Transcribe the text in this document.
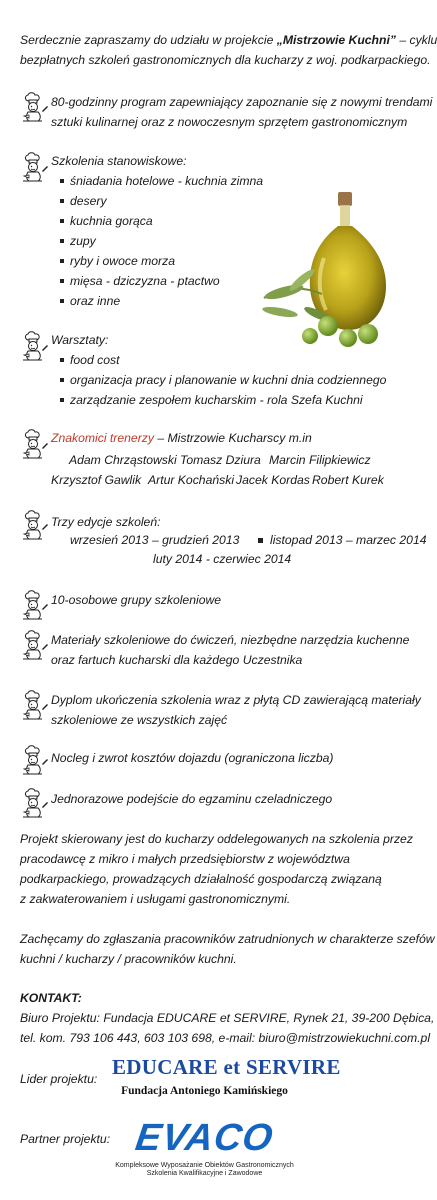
Serdecznie zapraszamy do udziału w projekcie „Mistrzowie Kuchni” – cyklu

bezpłatnych szkoleń gastronomicznych dla kucharzy z woj. podkarpackiego.

80-godzinny program zapewniający zapoznanie się z nowymi trendami

sztuki kulinarnej oraz z nowoczesnym sprzętem gastronomicznym

Szkolenia stanowiskowe:

śniadania hotelowe - kuchnia zimna
desery
kuchnia gorąca
zupy
ryby i owoce morza
mięsa - dziczyzna - ptactwo
oraz inne

Warsztaty:

food cost
organizacja pracy i planowanie w kuchni dnia codziennego
zarządzanie zespołem kucharskim - rola Szefa Kuchni

Znakomici trenerzy – Mistrzowie Kucharscy m.in

Adam Chrząstowski Tomasz Dziura Marcin Filipkiewicz

Krzysztof Gawlik Artur Kochański Jacek Kordas Robert Kurek

Trzy edycje szkoleń:

wrzesień 2013 – grudzień 2013	listopad 2013 – marzec 2014

luty 2014 - czerwiec 2014

10-osobowe grupy szkoleniowe

Materiały szkoleniowe do ćwiczeń, niezbędne narzędzia kuchenne

oraz fartuch kucharski dla każdego Uczestnika

Dyplom ukończenia szkolenia wraz z płytą CD zawierającą materiały

szkoleniowe ze wszystkich zajęć

Nocleg i zwrot kosztów dojazdu (ograniczona liczba)

Jednorazowe podejście do egzaminu czeladniczego

Projekt skierowany jest do kucharzy oddelegowanych na szkolenia przez

pracodawcę z mikro i małych przedsiębiorstw z województwa

podkarpackiego, prowadzących działalność gospodarczą związaną

z zakwaterowaniem i usługami gastronomicznymi.

Zachęcamy do zgłaszania pracowników zatrudnionych w charakterze szefów

kuchni / kucharzy / pracowników kuchni.

KONTAKT:

Biuro Projektu: Fundacja EDUCARE et SERVIRE, Rynek 21, 39-200 Dębica,

tel. kom. 793 106 443, 603 103 698, e-mail: biuro@mistrzowiekuchni.com.pl

Lider projektu: EDUCARE et SERVIRE
Fundacja Antoniego Kamińskiego

Partner projektu: EVACO
Kompleksowe Wyposażanie Obiektów Gastronomicznych
Szkolenia Kwalifikacyjne i Zawodowe
